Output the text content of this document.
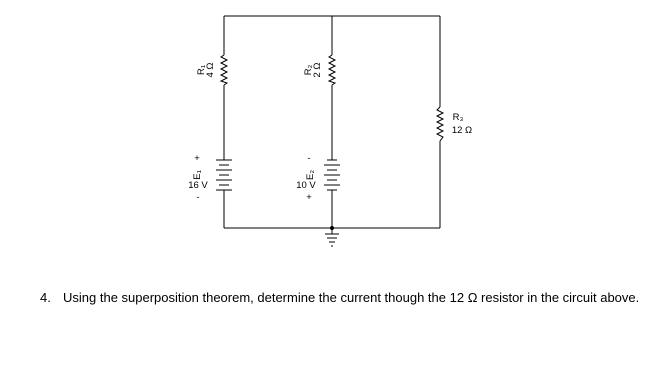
R₁
4 Ω	R₂
2 Ω
R₃
12 Ω
+
E₁
16 V
-
-
E₂
10 V
+
4. Using the superposition theorem, determine the current though the 12 Ω resistor in the circuit above.
